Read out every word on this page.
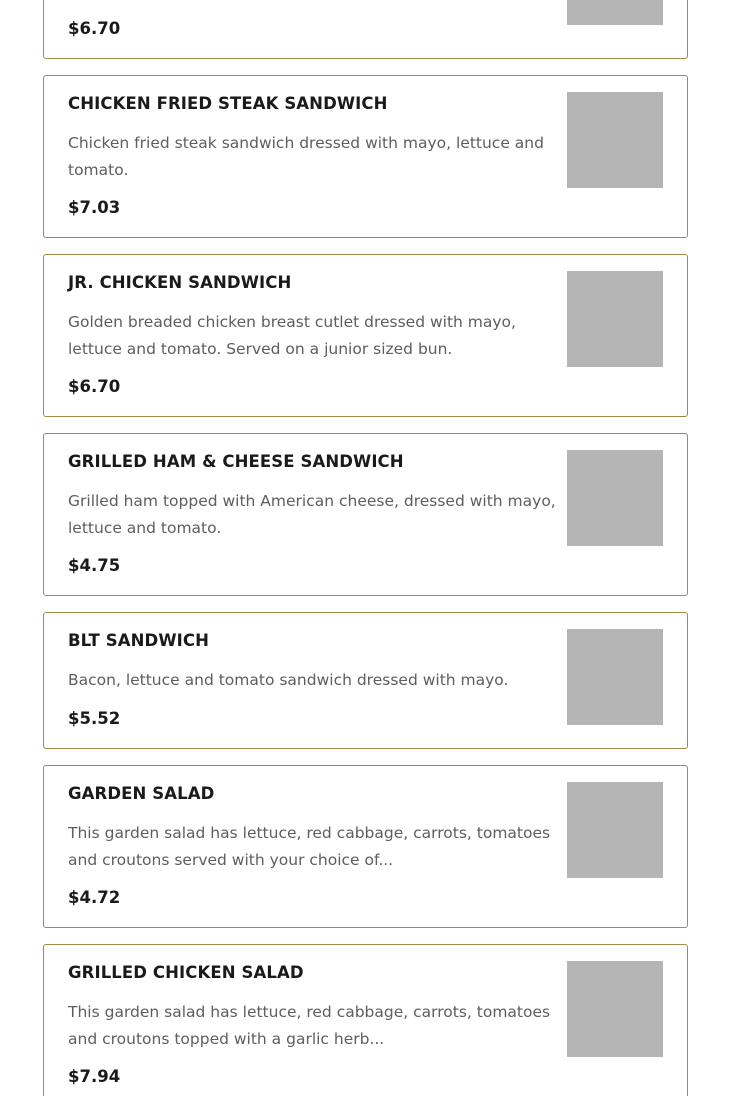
$6.70
CHICKEN FRIED STEAK SANDWICH
Chicken fried steak sandwich dressed with mayo, lettuce and tomato.
$7.03
JR. CHICKEN SANDWICH
Golden breaded chicken breast cutlet dressed with mayo, lettuce and tomato. Served on a junior sized bun.
$6.70
GRILLED HAM & CHEESE SANDWICH
Grilled ham topped with American cheese, dressed with mayo, lettuce and tomato.
$4.75
BLT SANDWICH
Bacon, lettuce and tomato sandwich dressed with mayo.
$5.52
GARDEN SALAD
This garden salad has lettuce, red cabbage, carrots, tomatoes and croutons served with your choice of...
$4.72
GRILLED CHICKEN SALAD
This garden salad has lettuce, red cabbage, carrots, tomatoes and croutons topped with a garlic herb...
$7.94
